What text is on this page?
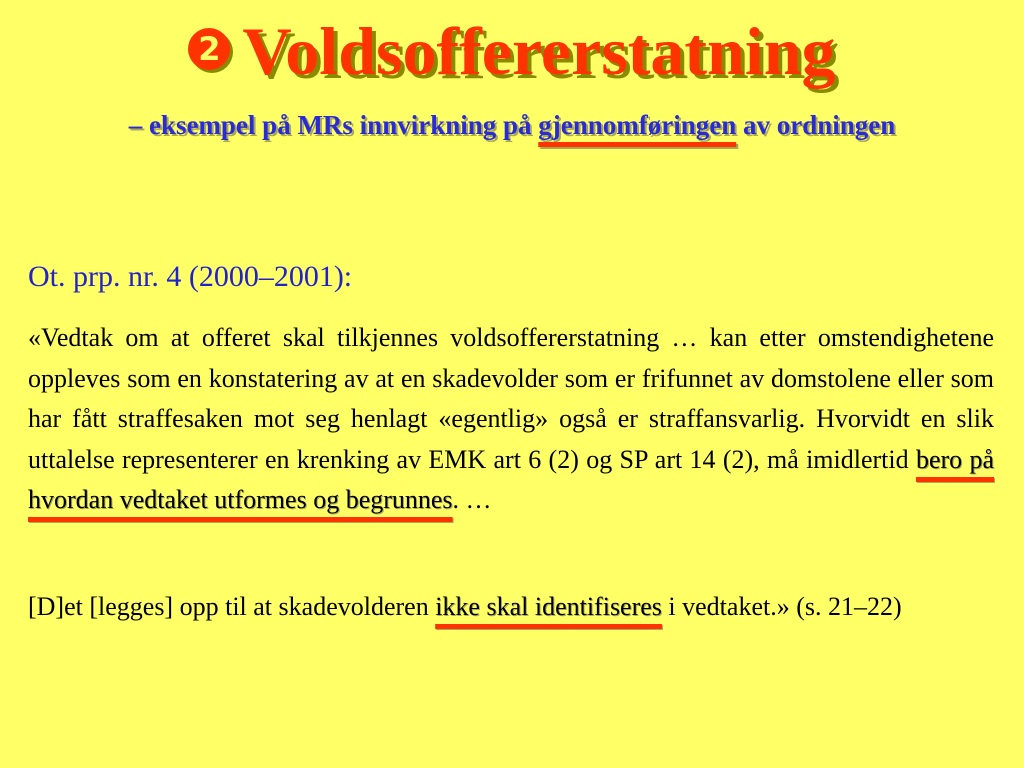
2 Voldsoffererstatning
– eksempel på MRs innvirkning på gjennomføringen av ordningen
Ot. prp. nr. 4 (2000–2001):

«Vedtak om at offeret skal tilkjennes voldsoffererstatning … kan etter omstendighetene oppleves som en konstatering av at en skadevolder som er frifunnet av domstolene eller som har fått straffesaken mot seg henlagt «egentlig» også er straffansvarlig. Hvorvidt en slik uttalelse representerer en krenking av EMK art 6 (2) og SP art 14 (2), må imidlertid bero på hvordan vedtaket utformes og begrunnes. …

[D]et [legges] opp til at skadevolderen ikke skal identifiseres i vedtaket.» (s. 21–22)
